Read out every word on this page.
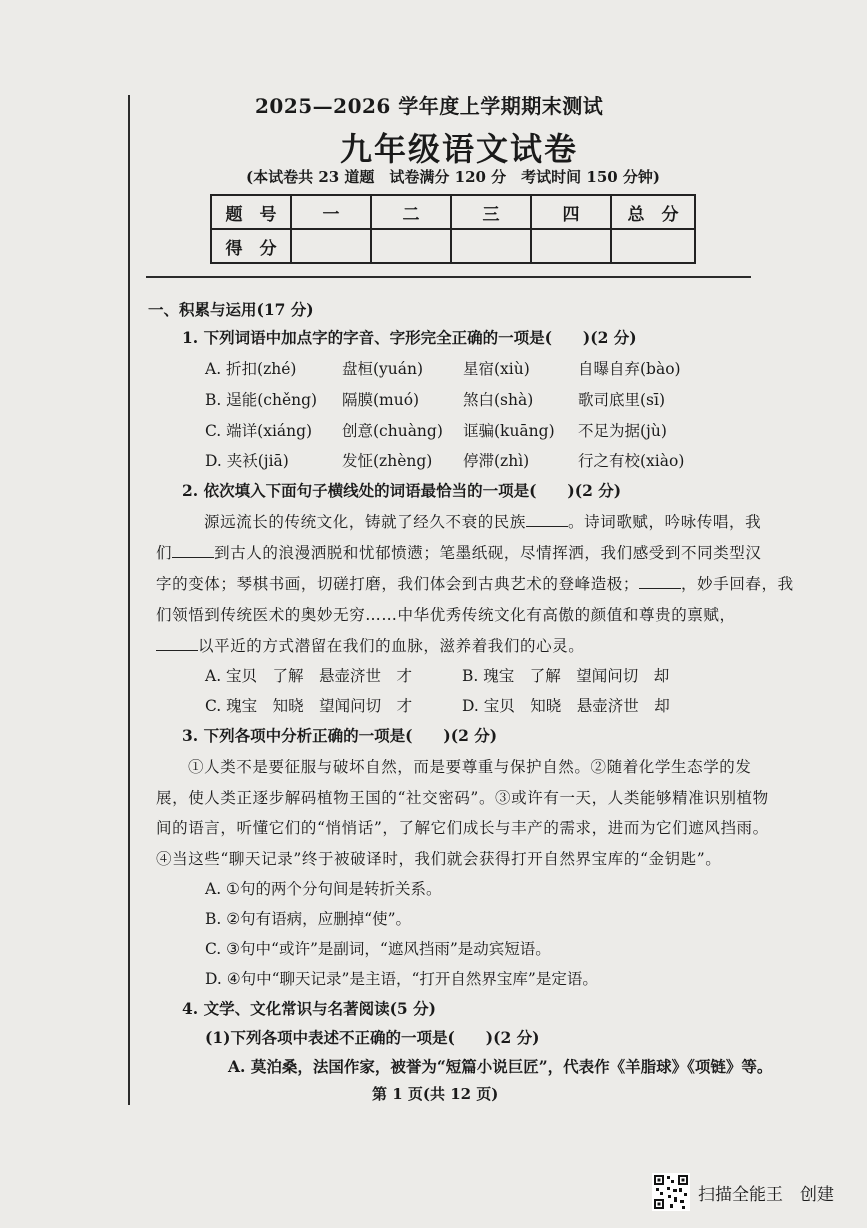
2025—2026 学年度上学期期末测试
九年级语文试卷
(本试卷共 23 道题　试卷满分 120 分　考试时间 150 分钟)
题　号	一	二	三	四	总　分
得　分					
一、积累与运用(17 分)
1. 下列词语中加点字的字音、字形完全正确的一项是(　　)(2 分)
A. 折扣(zhé)	盘桓(yuán)	星宿(xiù)	自曝自弃(bào)
B. 逞能(chěng) 隔膜(muó)	煞白(shà)	歌司底里(sī)
C. 端详(xiáng) 创意(chuàng) 诓骗(kuāng) 不足为据(jù)
D. 夹袄(jiā)	发怔(zhèng) 停滞(zhì)	行之有校(xiào)
2. 依次填入下面句子横线处的词语最恰当的一项是(　　)(2 分)
源远流长的传统文化，铸就了经久不衰的民族	。诗词歌赋，吟咏传唱，我
们	到古人的浪漫洒脱和忧郁愤懑；笔墨纸砚，尽情挥洒，我们感受到不同类型汉
字的变体；琴棋书画，切磋打磨，我们体会到古典艺术的登峰造极；	，妙手回春，我
们领悟到传统医术的奥妙无穷……中华优秀传统文化有高傲的颜值和尊贵的禀赋，
以平近的方式潜留在我们的血脉，滋养着我们的心灵。
A. 宝贝　了解　悬壶济世　才	B. 瑰宝　了解　望闻问切　却
C. 瑰宝　知晓　望闻问切　才	D. 宝贝　知晓　悬壶济世　却
3. 下列各项中分析正确的一项是(　　)(2 分)
①人类不是要征服与破坏自然，而是要尊重与保护自然。②随着化学生态学的发
展，使人类正逐步解码植物王国的“社交密码”。③或许有一天，人类能够精准识别植物
间的语言，听懂它们的“悄悄话”，了解它们成长与丰产的需求，进而为它们遮风挡雨。
④当这些“聊天记录”终于被破译时，我们就会获得打开自然界宝库的“金钥匙”。
A. ①句的两个分句间是转折关系。
B. ②句有语病，应删掉“使”。
C. ③句中“或许”是副词，“遮风挡雨”是动宾短语。
D. ④句中“聊天记录”是主语，“打开自然界宝库”是定语。
4. 文学、文化常识与名著阅读(5 分)
(1)下列各项中表述不正确的一项是(　　)(2 分)
A. 莫泊桑，法国作家，被誉为“短篇小说巨匠”，代表作《羊脂球》《项链》等。
第 1 页(共 12 页)
扫描全能王　创建
